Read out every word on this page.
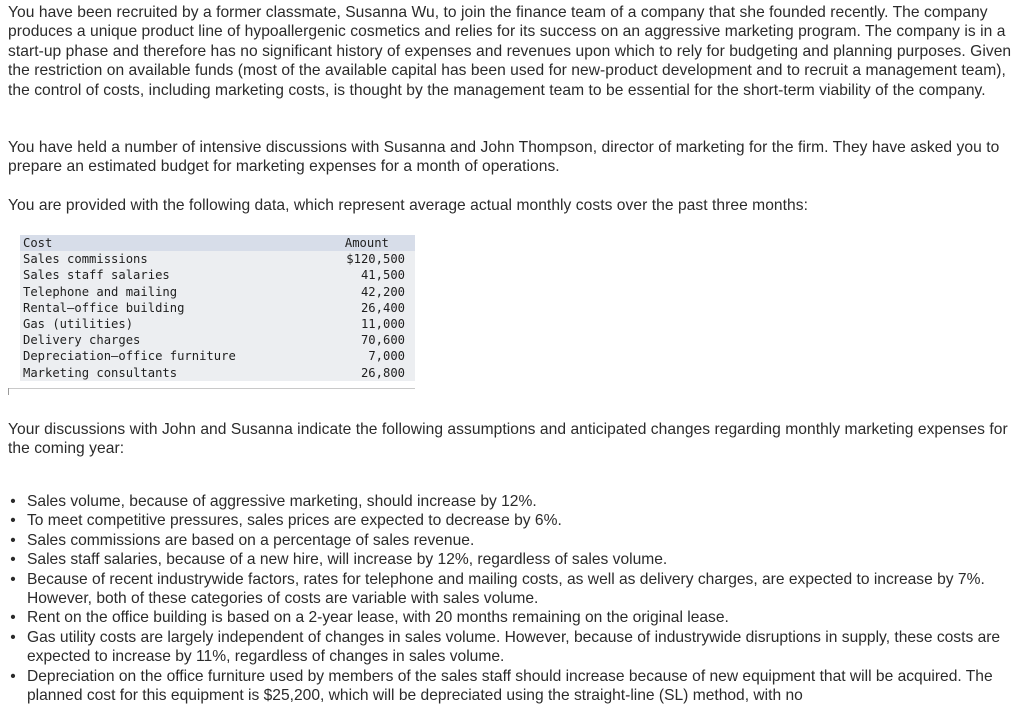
You have been recruited by a former classmate, Susanna Wu, to join the finance team of a company that she founded recently. The company produces a unique product line of hypoallergenic cosmetics and relies for its success on an aggressive marketing program. The company is in a start-up phase and therefore has no significant history of expenses and revenues upon which to rely for budgeting and planning purposes. Given the restriction on available funds (most of the available capital has been used for new-product development and to recruit a management team), the control of costs, including marketing costs, is thought by the management team to be essential for the short-term viability of the company.

You have held a number of intensive discussions with Susanna and John Thompson, director of marketing for the firm. They have asked you to prepare an estimated budget for marketing expenses for a month of operations.

You are provided with the following data, which represent average actual monthly costs over the past three months:

Cost	Amount
Sales commissions	$120,500
Sales staff salaries	41,500
Telephone and mailing	42,200
Rental—office building	26,400
Gas (utilities)	11,000
Delivery charges	70,600
Depreciation—office furniture	7,000
Marketing consultants	26,800

Your discussions with John and Susanna indicate the following assumptions and anticipated changes regarding monthly marketing expenses for the coming year:

• Sales volume, because of aggressive marketing, should increase by 12%.
• To meet competitive pressures, sales prices are expected to decrease by 6%.
• Sales commissions are based on a percentage of sales revenue.
• Sales staff salaries, because of a new hire, will increase by 12%, regardless of sales volume.
• Because of recent industrywide factors, rates for telephone and mailing costs, as well as delivery charges, are expected to increase by 7%. However, both of these categories of costs are variable with sales volume.
• Rent on the office building is based on a 2-year lease, with 20 months remaining on the original lease.
• Gas utility costs are largely independent of changes in sales volume. However, because of industrywide disruptions in supply, these costs are expected to increase by 11%, regardless of changes in sales volume.
• Depreciation on the office furniture used by members of the sales staff should increase because of new equipment that will be acquired. The planned cost for this equipment is $25,200, which will be depreciated using the straight-line (SL) method, with no
